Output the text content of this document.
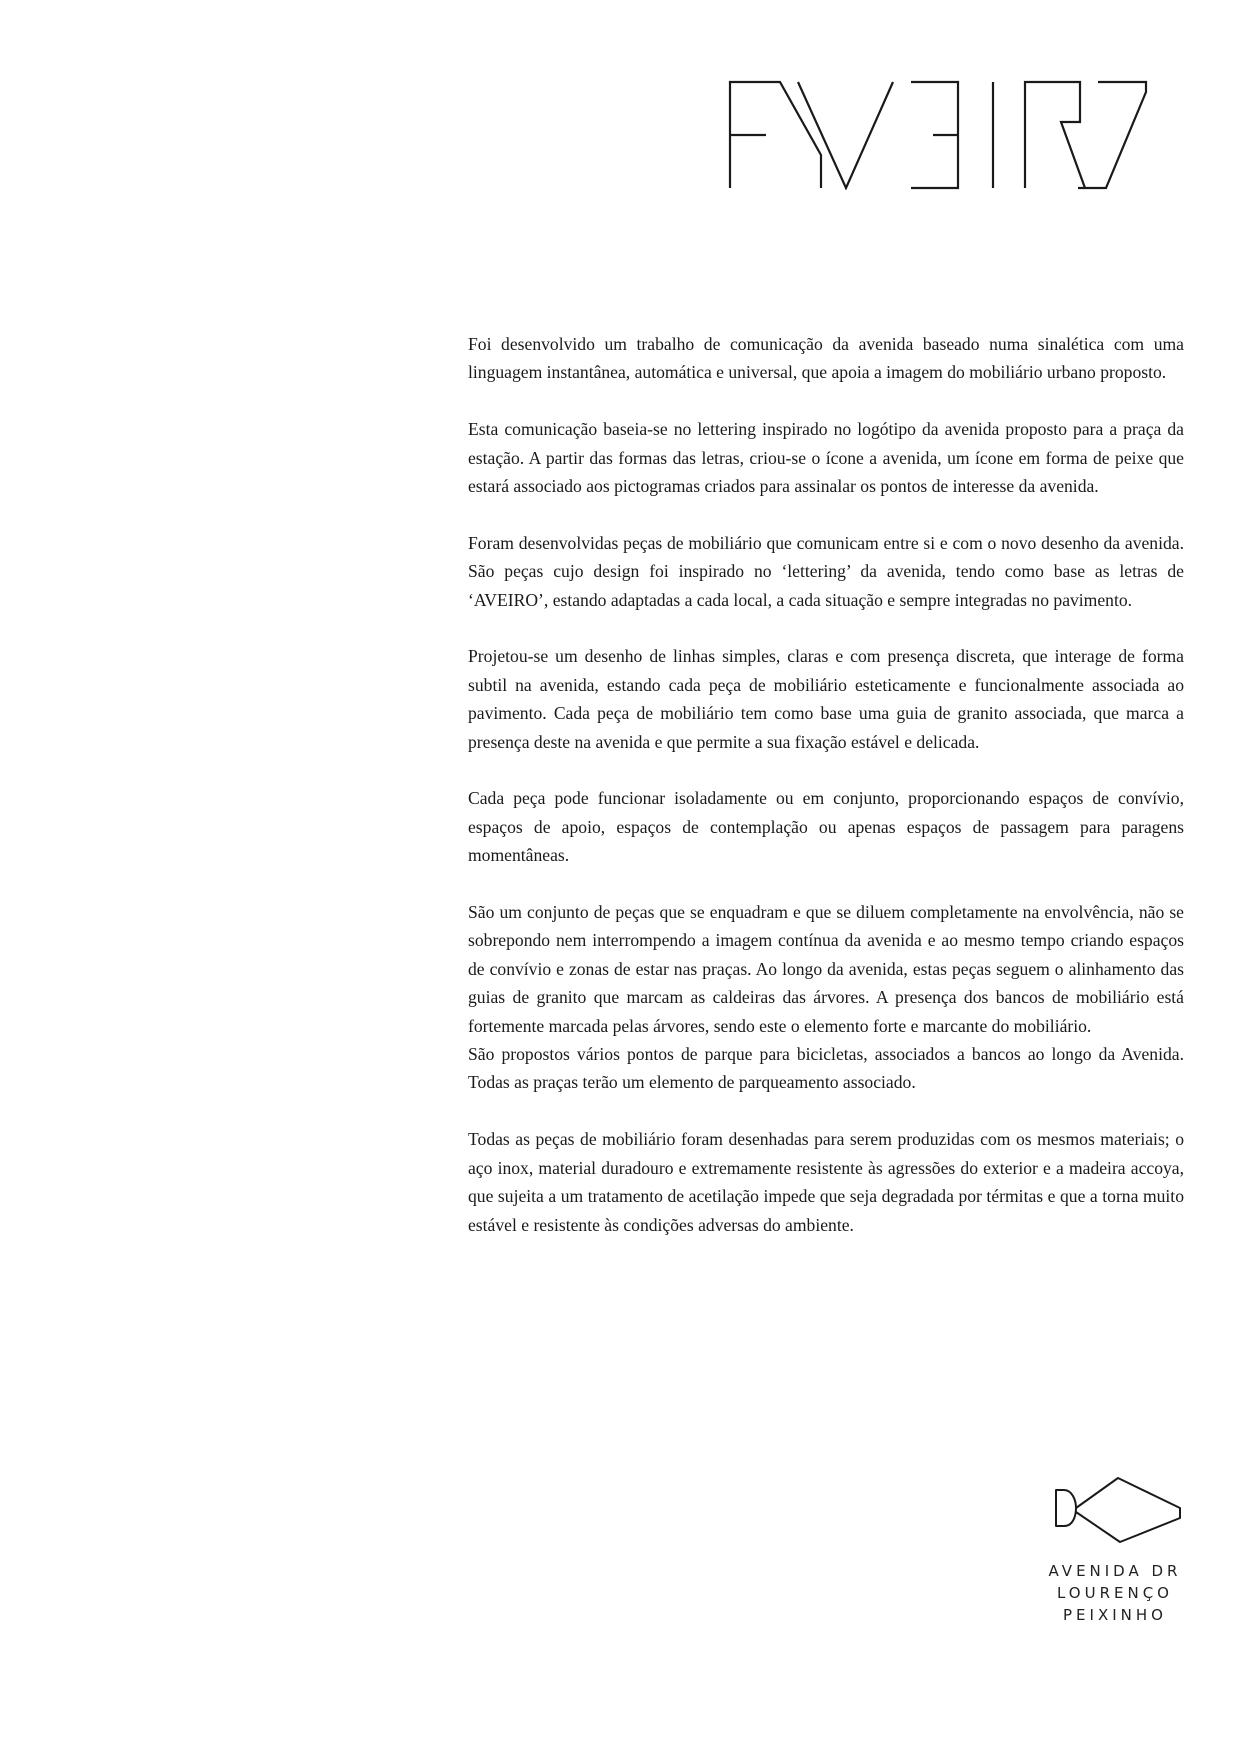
Foi desenvolvido um trabalho de comunicação da avenida baseado numa sinalética com uma linguagem instantânea, automática e universal, que apoia a imagem do mobiliário urbano proposto.

Esta comunicação baseia-se no lettering inspirado no logótipo da avenida proposto para a praça da estação. A partir das formas das letras, criou-se o ícone a avenida, um ícone em forma de peixe que estará associado aos pictogramas criados para assinalar os pontos de interesse da avenida.

Foram desenvolvidas peças de mobiliário que comunicam entre si e com o novo desenho da avenida. São peças cujo design foi inspirado no ‘lettering’ da avenida, tendo como base as letras de ‘AVEIRO’, estando adaptadas a cada local, a cada situação e sempre integradas no pavimento.

Projetou-se um desenho de linhas simples, claras e com presença discreta, que interage de forma subtil na avenida, estando cada peça de mobiliário esteticamente e funcionalmente associada ao pavimento. Cada peça de mobiliário tem como base uma guia de granito associada, que marca a presença deste na avenida e que permite a sua fixação estável e delicada.

Cada peça pode funcionar isoladamente ou em conjunto, proporcionando espaços de convívio, espaços de apoio, espaços de contemplação ou apenas espaços de passagem para paragens momentâneas.

São um conjunto de peças que se enquadram e que se diluem completamente na envolvência, não se sobrepondo nem interrompendo a imagem contínua da avenida e ao mesmo tempo criando espaços de convívio e zonas de estar nas praças. Ao longo da avenida, estas peças seguem o alinhamento das guias de granito que marcam as caldeiras das árvores. A presença dos bancos de mobiliário está fortemente marcada pelas árvores, sendo este o elemento forte e marcante do mobiliário.

São propostos vários pontos de parque para bicicletas, associados a bancos ao longo da Avenida. Todas as praças terão um elemento de parqueamento associado.

Todas as peças de mobiliário foram desenhadas para serem produzidas com os mesmos materiais; o aço inox, material duradouro e extremamente resistente às agressões do exterior e a madeira accoya, que sujeita a um tratamento de acetilação impede que seja degradada por térmitas e que a torna muito estável e resistente às condições adversas do ambiente.

AVENIDA DR
LOURENÇO
PEIXINHO
